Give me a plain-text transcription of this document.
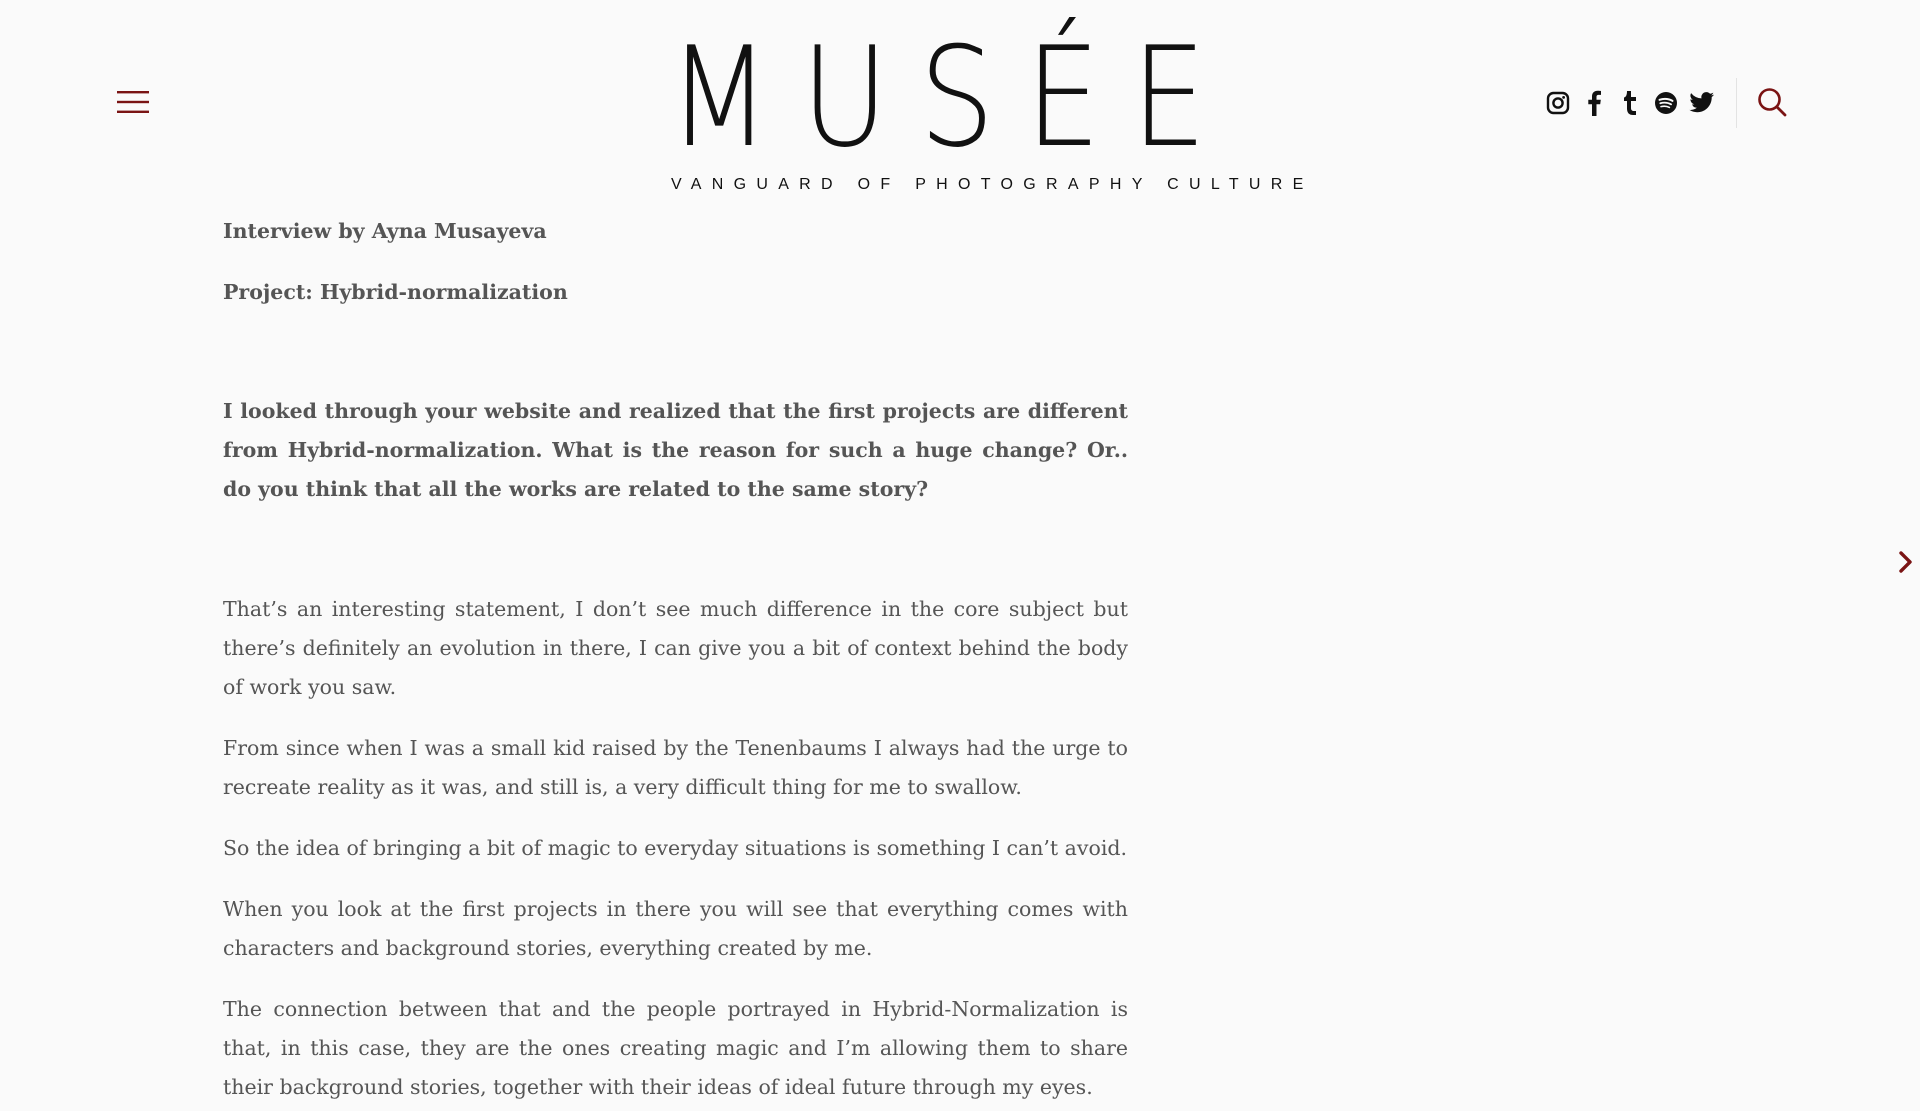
MUSÉE
VANGUARD OF PHOTOGRAPHY CULTURE

Interview by Ayna Musayeva

Project: Hybrid-normalization

I looked through your website and realized that the first projects are different from Hybrid-normalization. What is the reason for such a huge change? Or.. do you think that all the works are related to the same story?

That’s an interesting statement, I don’t see much difference in the core subject but there’s definitely an evolution in there, I can give you a bit of context behind the body of work you saw.

From since when I was a small kid raised by the Tenenbaums I always had the urge to recreate reality as it was, and still is, a very difficult thing for me to swallow.

So the idea of bringing a bit of magic to everyday situations is something I can’t avoid.

When you look at the first projects in there you will see that everything comes with characters and background stories, everything created by me.

The connection between that and the people portrayed in Hybrid-Normalization is that, in this case, they are the ones creating magic and I’m allowing them to share their background stories, together with their ideas of ideal future through my eyes.
